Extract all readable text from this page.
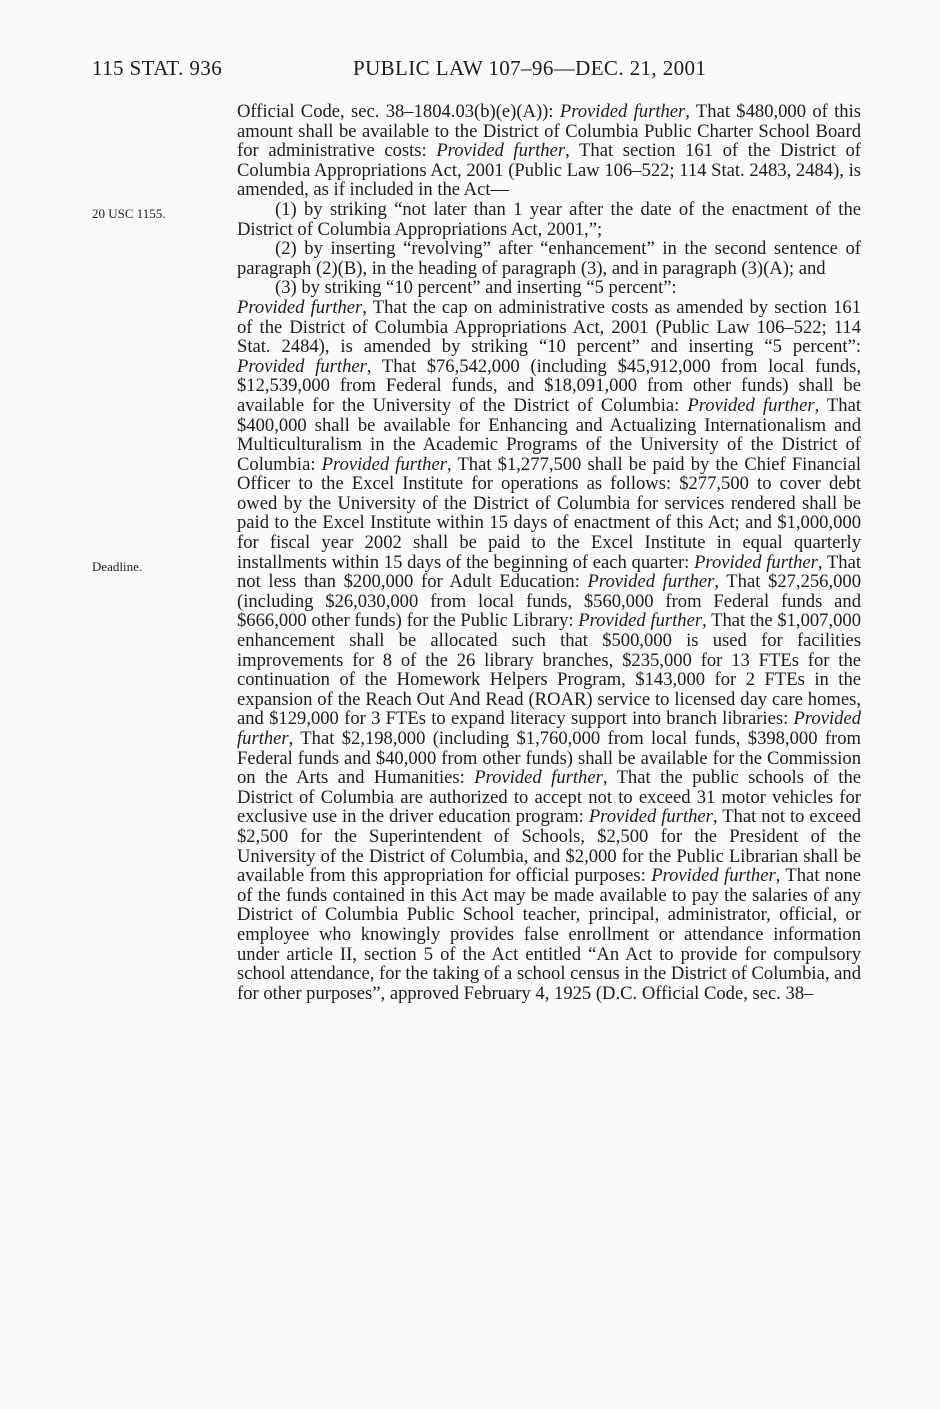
115 STAT. 936	PUBLIC LAW 107–96—DEC. 21, 2001
20 USC 1155.
Deadline.

Official Code, sec. 38–1804.03(b)(e)(A)): Provided further, That $480,000 of this amount shall be available to the District of Columbia Public Charter School Board for administrative costs: Provided further, That section 161 of the District of Columbia Appropriations Act, 2001 (Public Law 106–522; 114 Stat. 2483, 2484), is amended, as if included in the Act—

(1) by striking “not later than 1 year after the date of the enactment of the District of Columbia Appropriations Act, 2001,”;

(2) by inserting “revolving” after “enhancement” in the second sentence of paragraph (2)(B), in the heading of paragraph (3), and in paragraph (3)(A); and

(3) by striking “10 percent” and inserting “5 percent”:

Provided further, That the cap on administrative costs as amended by section 161 of the District of Columbia Appropriations Act, 2001 (Public Law 106–522; 114 Stat. 2484), is amended by striking “10 percent” and inserting “5 percent”: Provided further, That $76,542,000 (including $45,912,000 from local funds, $12,539,000 from Federal funds, and $18,091,000 from other funds) shall be available for the University of the District of Columbia: Provided further, That $400,000 shall be available for Enhancing and Actualizing Internationalism and Multiculturalism in the Academic Programs of the University of the District of Columbia: Provided further, That $1,277,500 shall be paid by the Chief Financial Officer to the Excel Institute for operations as follows: $277,500 to cover debt owed by the University of the District of Columbia for services rendered shall be paid to the Excel Institute within 15 days of enactment of this Act; and $1,000,000 for fiscal year 2002 shall be paid to the Excel Institute in equal quarterly installments within 15 days of the beginning of each quarter: Provided further, That not less than $200,000 for Adult Education: Provided further, That $27,256,000 (including $26,030,000 from local funds, $560,000 from Federal funds and $666,000 other funds) for the Public Library: Provided further, That the $1,007,000 enhancement shall be allocated such that $500,000 is used for facilities improvements for 8 of the 26 library branches, $235,000 for 13 FTEs for the continuation of the Homework Helpers Program, $143,000 for 2 FTEs in the expansion of the Reach Out And Read (ROAR) service to licensed day care homes, and $129,000 for 3 FTEs to expand literacy support into branch libraries: Provided further, That $2,198,000 (including $1,760,000 from local funds, $398,000 from Federal funds and $40,000 from other funds) shall be available for the Commission on the Arts and Humanities: Provided further, That the public schools of the District of Columbia are authorized to accept not to exceed 31 motor vehicles for exclusive use in the driver education program: Provided further, That not to exceed $2,500 for the Superintendent of Schools, $2,500 for the President of the University of the District of Columbia, and $2,000 for the Public Librarian shall be available from this appropriation for official purposes: Provided further, That none of the funds contained in this Act may be made available to pay the salaries of any District of Columbia Public School teacher, principal, administrator, official, or employee who knowingly provides false enrollment or attendance information under article II, section 5 of the Act entitled “An Act to provide for compulsory school attendance, for the taking of a school census in the District of Columbia, and for other purposes”, approved February 4, 1925 (D.C. Official Code, sec. 38–
